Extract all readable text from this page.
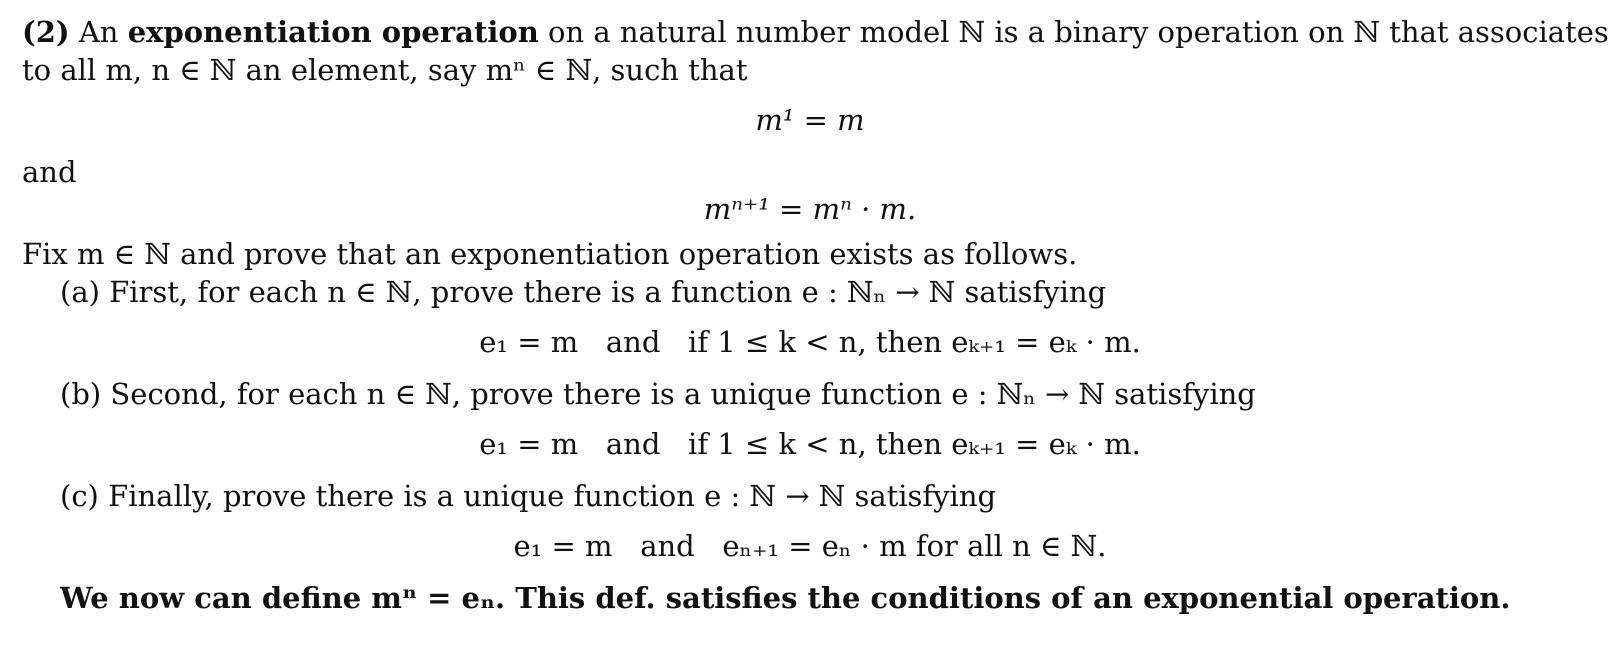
(2) An exponentiation operation on a natural number model ℕ is a binary operation on ℕ that associates
to all m, n ∈ ℕ an element, say mⁿ ∈ ℕ, such that
m¹ = m
and
mⁿ⁺¹ = mⁿ · m.
Fix m ∈ ℕ and prove that an exponentiation operation exists as follows.
(a) First, for each n ∈ ℕ, prove there is a function e : ℕₙ → ℕ satisfying
e₁ = m   and   if 1 ≤ k < n, then eₖ₊₁ = eₖ · m.
(b) Second, for each n ∈ ℕ, prove there is a unique function e : ℕₙ → ℕ satisfying
e₁ = m   and   if 1 ≤ k < n, then eₖ₊₁ = eₖ · m.
(c) Finally, prove there is a unique function e : ℕ → ℕ satisfying
e₁ = m   and   eₙ₊₁ = eₙ · m for all n ∈ ℕ.
We now can define mⁿ = eₙ. This def. satisfies the conditions of an exponential operation.
